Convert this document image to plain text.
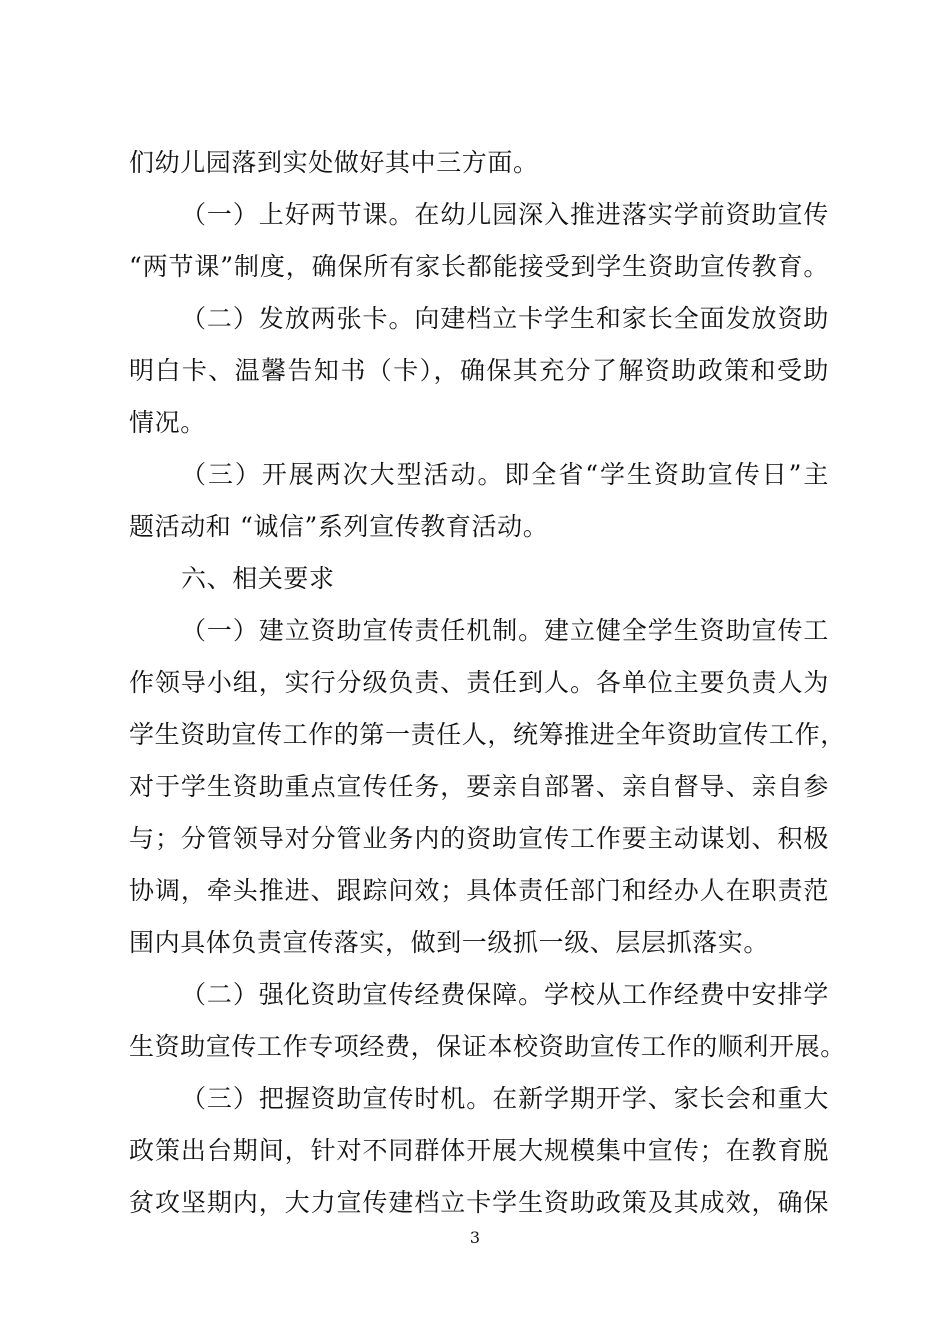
们幼儿园落到实处做好其中三方面。
（一）上好两节课。在幼儿园深入推进落实学前资助宣传
“两节课”制度，确保所有家长都能接受到学生资助宣传教育。
（二）发放两张卡。向建档立卡学生和家长全面发放资助
明白卡、温馨告知书（卡），确保其充分了解资助政策和受助
情况。
（三）开展两次大型活动。即全省“学生资助宣传日”主
题活动和 “诚信”系列宣传教育活动。
六、相关要求
（一）建立资助宣传责任机制。建立健全学生资助宣传工
作领导小组，实行分级负责、责任到人。各单位主要负责人为
学生资助宣传工作的第一责任人，统筹推进全年资助宣传工作，
对于学生资助重点宣传任务，要亲自部署、亲自督导、亲自参
与；分管领导对分管业务内的资助宣传工作要主动谋划、积极
协调，牵头推进、跟踪问效；具体责任部门和经办人在职责范
围内具体负责宣传落实，做到一级抓一级、层层抓落实。
（二）强化资助宣传经费保障。学校从工作经费中安排学
生资助宣传工作专项经费，保证本校资助宣传工作的顺利开展。
（三）把握资助宣传时机。在新学期开学、家长会和重大
政策出台期间，针对不同群体开展大规模集中宣传；在教育脱
贫攻坚期内，大力宣传建档立卡学生资助政策及其成效，确保
3
